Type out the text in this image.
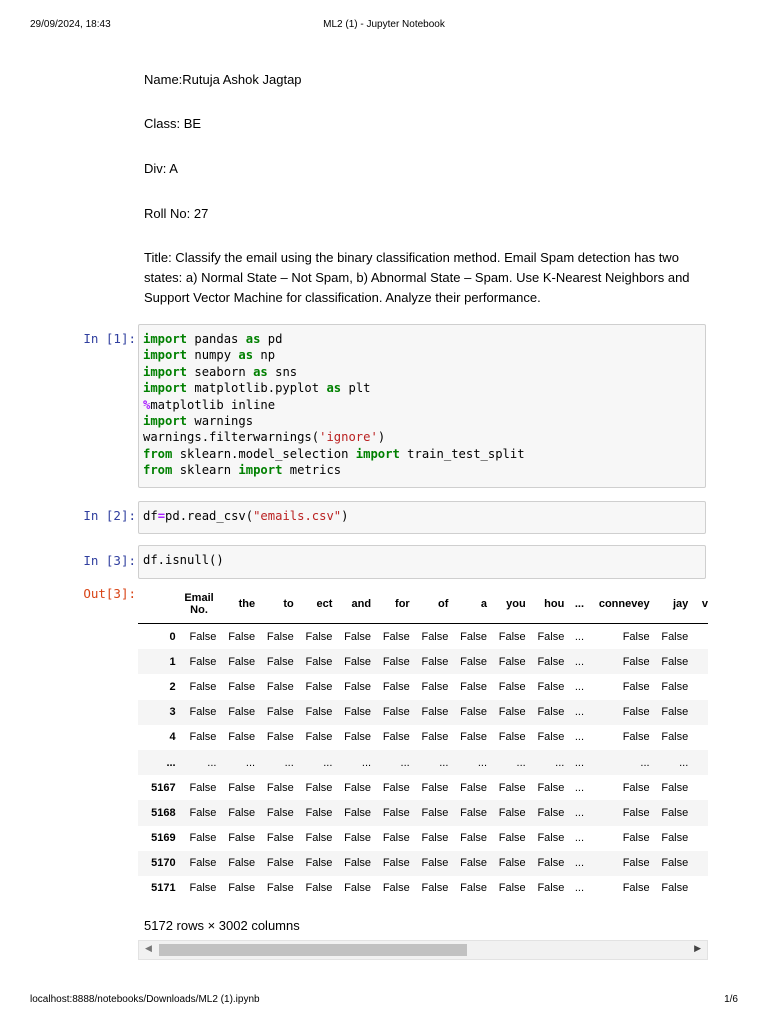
29/09/2024, 18:43	ML2 (1) - Jupyter Notebook
Name:Rutuja Ashok Jagtap
Class: BE
Div: A
Roll No: 27
Title: Classify the email using the binary classification method. Email Spam detection has two
states: a) Normal State – Not Spam, b) Abnormal State – Spam. Use K-Nearest Neighbors and
Support Vector Machine for classification. Analyze their performance.
In [1]: import pandas as pd
import numpy as np
import seaborn as sns
import matplotlib.pyplot as plt
%matplotlib inline
import warnings
warnings.filterwarnings('ignore')
from sklearn.model_selection import train_test_split
from sklearn import metrics
In [2]: df=pd.read_csv("emails.csv")
In [3]: df.isnull()
Out[3]:
		Email No.	the	to	ect	and	for	of	a	you	hou	...	connevey	jay	v
0	False	False	False	False	False	False	False	False	False	False	...	False	False	
1	False	False	False	False	False	False	False	False	False	False	...	False	False	
2	False	False	False	False	False	False	False	False	False	False	...	False	False	
3	False	False	False	False	False	False	False	False	False	False	...	False	False	
4	False	False	False	False	False	False	False	False	False	False	...	False	False	
...	...	...	...	...	...	...	...	...	...	...	...	...	...	
5167	False	False	False	False	False	False	False	False	False	False	...	False	False	
5168	False	False	False	False	False	False	False	False	False	False	...	False	False	
5169	False	False	False	False	False	False	False	False	False	False	...	False	False	
5170	False	False	False	False	False	False	False	False	False	False	...	False	False	
5171	False	False	False	False	False	False	False	False	False	False	...	False	False	
5172 rows × 3002 columns
◀	▶
localhost:8888/notebooks/Downloads/ML2 (1).ipynb	1/6
